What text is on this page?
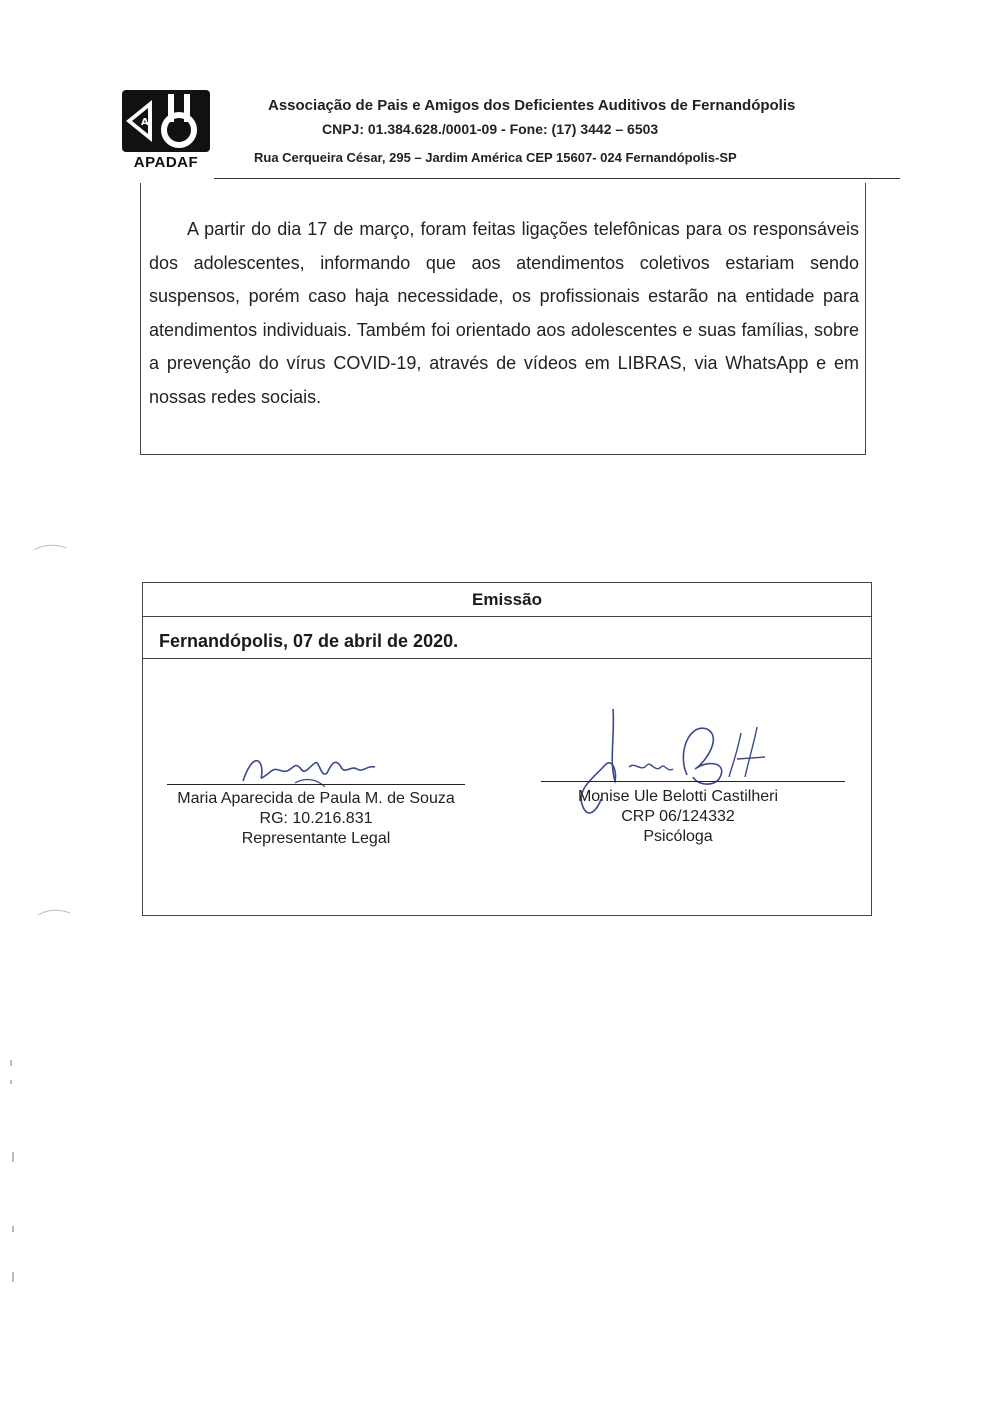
A
APADAF
Associação de Pais e Amigos dos Deficientes Auditivos de Fernandópolis
CNPJ: 01.384.628./0001-09 - Fone: (17) 3442 – 6503
Rua Cerqueira César, 295 – Jardim América CEP 15607- 024 Fernandópolis-SP

A partir do dia 17 de março, foram feitas ligações telefônicas para os responsáveis dos adolescentes, informando que aos atendimentos coletivos estariam sendo suspensos, porém caso haja necessidade, os profissionais estarão na entidade para atendimentos individuais. Também foi orientado aos adolescentes e suas famílias, sobre a prevenção do vírus COVID-19, através de vídeos em LIBRAS, via WhatsApp e em nossas redes sociais.

Emissão
Fernandópolis, 07 de abril de 2020.
Maria Aparecida de Paula M. de Souza
RG: 10.216.831
Representante Legal
Monise Ule Belotti Castilheri
CRP 06/124332
Psicóloga
